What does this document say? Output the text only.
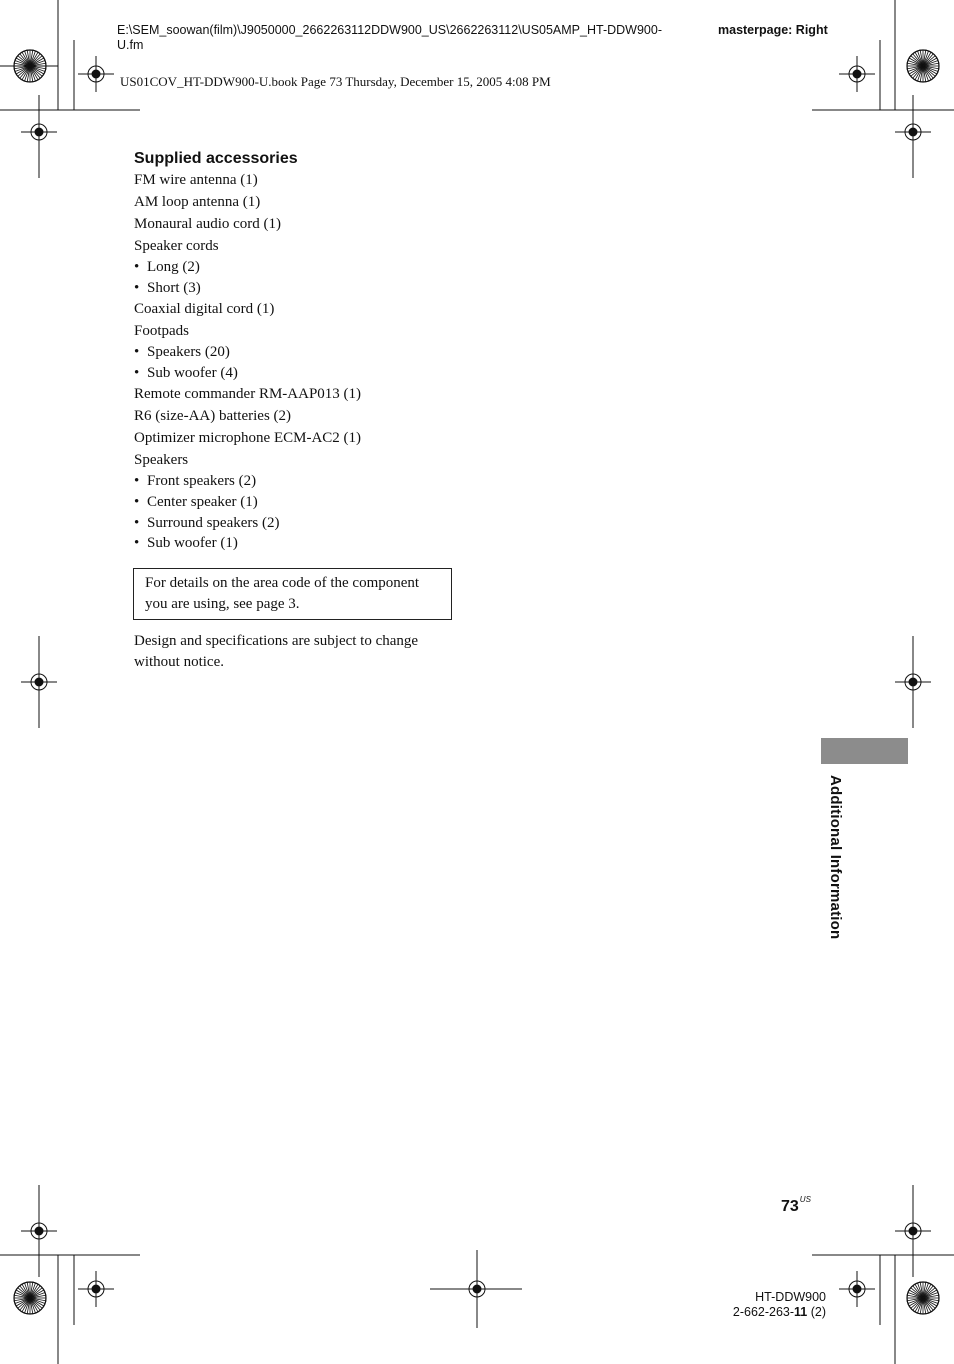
E:\SEM_soowan(film)\J9050000_2662263112DDW900_US\2662263112\US05AMP_HT-DDW900-U.fm
masterpage: Right
US01COV_HT-DDW900-U.book Page 73 Thursday, December 15, 2005 4:08 PM
Supplied accessories
FM wire antenna (1)
AM loop antenna (1)
Monaural audio cord (1)
Speaker cords
• Long (2)
• Short (3)
Coaxial digital cord (1)
Footpads
• Speakers (20)
• Sub woofer (4)
Remote commander RM-AAP013 (1)
R6 (size-AA) batteries (2)
Optimizer microphone ECM-AC2 (1)
Speakers
• Front speakers (2)
• Center speaker (1)
• Surround speakers (2)
• Sub woofer (1)
For details on the area code of the component you are using, see page 3.
Design and specifications are subject to change without notice.
Additional Information
$73^{US}$
HT-DDW900
2-662-263-11 (2)
